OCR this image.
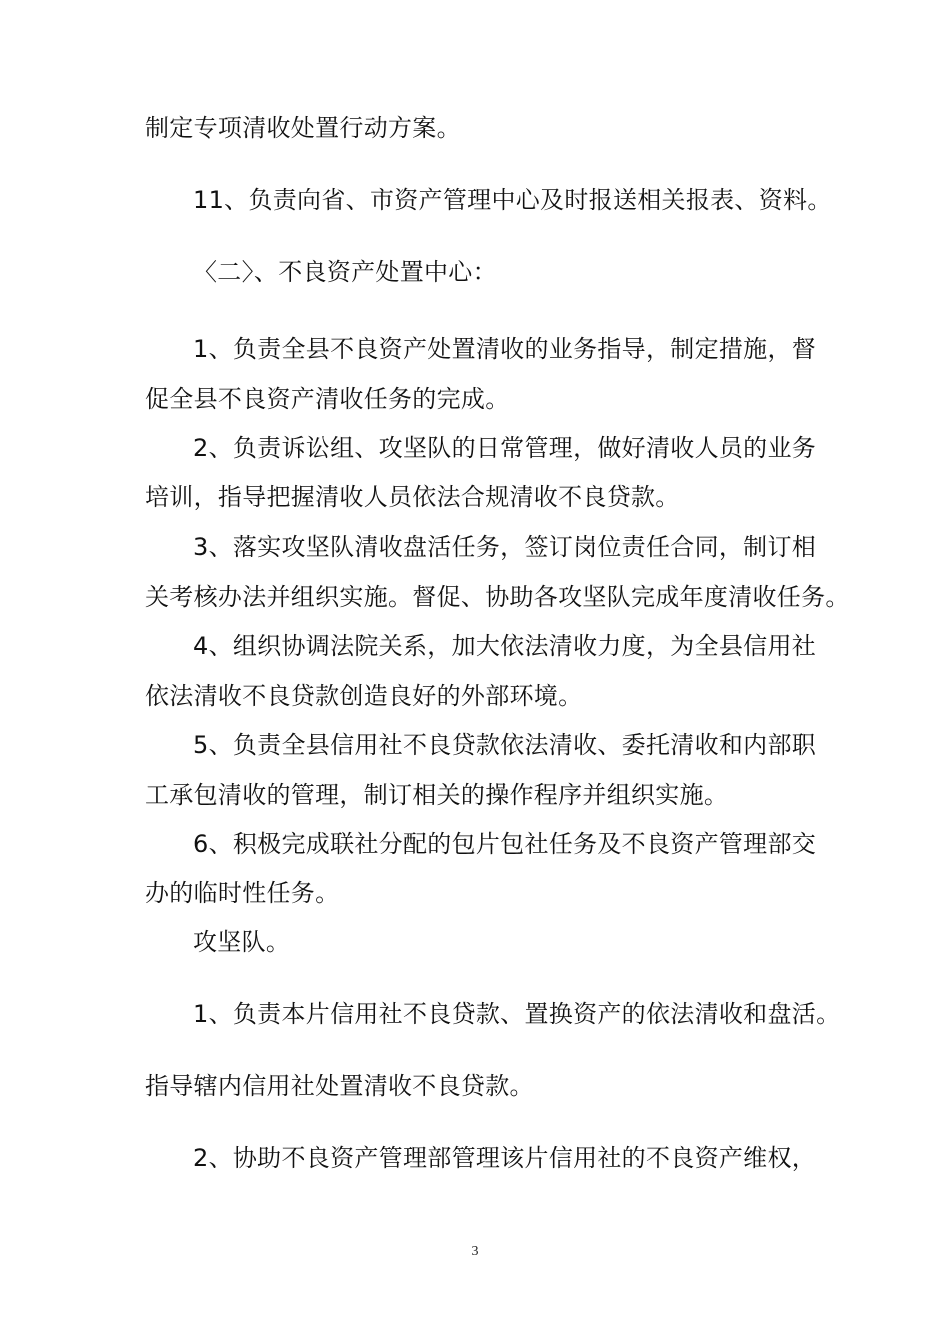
制定专项清收处置行动方案。
11、负责向省、市资产管理中心及时报送相关报表、资料。
〈二〉、不良资产处置中心：
1、负责全县不良资产处置清收的业务指导，制定措施，督
促全县不良资产清收任务的完成。
2、负责诉讼组、攻坚队的日常管理，做好清收人员的业务
培训，指导把握清收人员依法合规清收不良贷款。
3、落实攻坚队清收盘活任务，签订岗位责任合同，制订相
关考核办法并组织实施。督促、协助各攻坚队完成年度清收任务。
4、组织协调法院关系，加大依法清收力度，为全县信用社
依法清收不良贷款创造良好的外部环境。
5、负责全县信用社不良贷款依法清收、委托清收和内部职
工承包清收的管理，制订相关的操作程序并组织实施。
6、积极完成联社分配的包片包社任务及不良资产管理部交
办的临时性任务。
攻坚队。
1、负责本片信用社不良贷款、置换资产的依法清收和盘活。
指导辖内信用社处置清收不良贷款。
2、协助不良资产管理部管理该片信用社的不良资产维权，
3
